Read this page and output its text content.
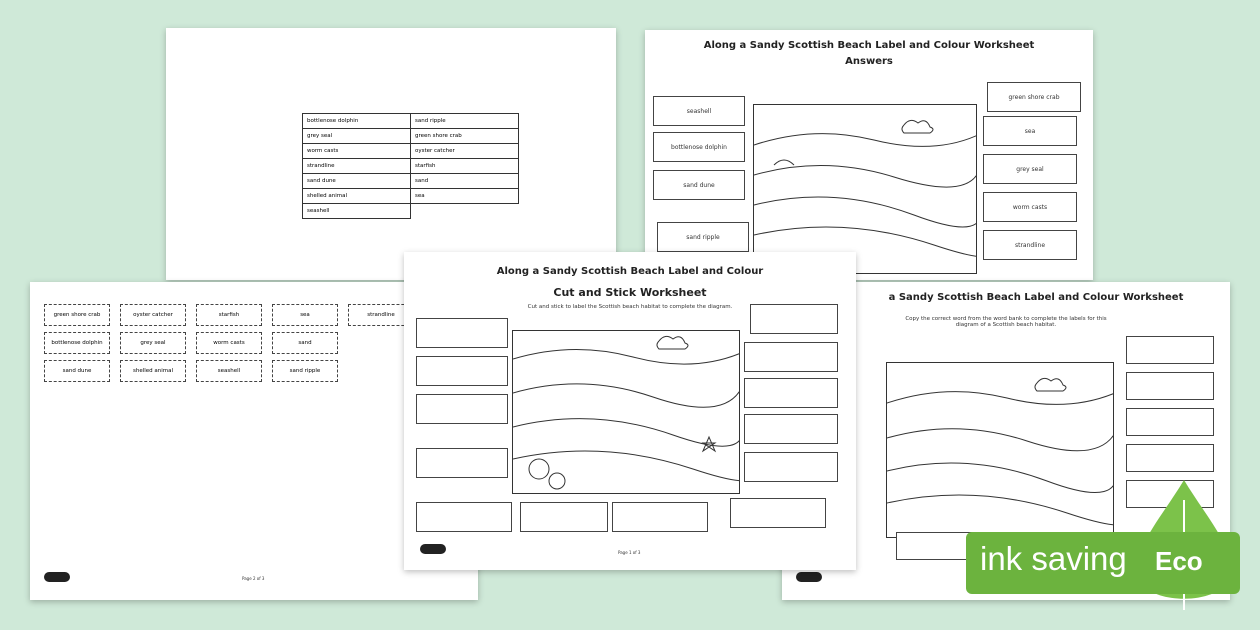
bottlenose dolphin	sand ripple
grey seal	green shore crab
worm casts	oyster catcher
strandline	starfish
sand dune	sand
shelled animal	sea
seashell	
Along a Sandy Scottish Beach Label and Colour Worksheet
Answers
seashell
bottlenose dolphin
sand dune
sand ripple
green shore crab
sea
grey seal
worm casts
strandline
green shore crab	oyster catcher	starfish	sea	strandline
bottlenose dolphin	grey seal	worm casts	sand
sand dune	shelled animal	seashell	sand ripple
Page 2 of 3
a Sandy Scottish Beach Label and Colour Worksheet
Copy the correct word from the word bank to complete the labels for this diagram of a Scottish beach habitat.
Along a Sandy Scottish Beach Label and Colour
Cut and Stick Worksheet
Cut and stick to label the Scottish beach habitat to complete the diagram.
Page 1 of 3	ink saving Eco
